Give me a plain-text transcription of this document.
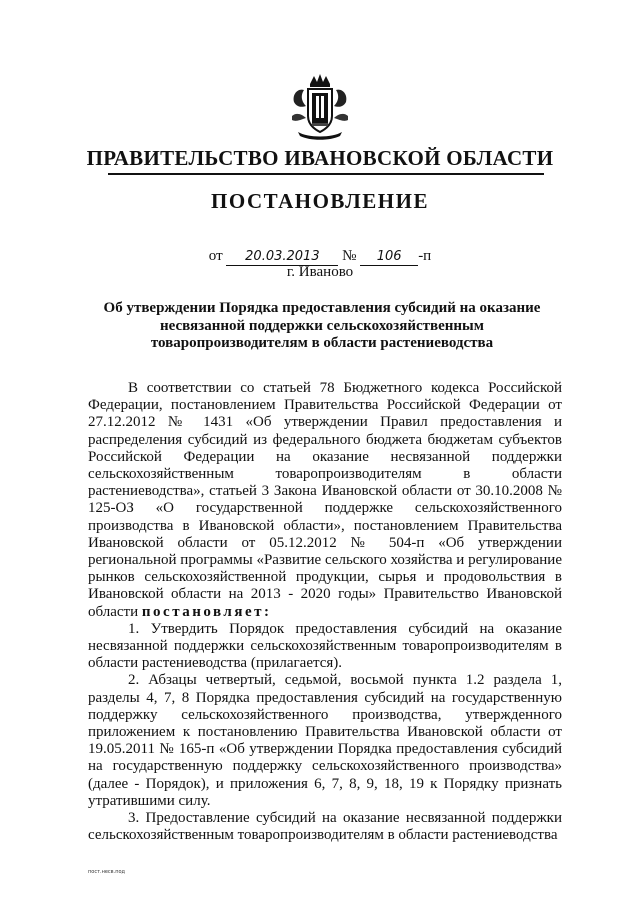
ПРАВИТЕЛЬСТВО ИВАНОВСКОЙ ОБЛАСТИ
ПОСТАНОВЛЕНИЕ
от 20.03.2013 № 106 -п
г. Иваново
Об утверждении Порядка предоставления субсидий на оказание несвязанной поддержки сельскохозяйственным товаропроизводителям в области растениеводства

В соответствии со статьей 78 Бюджетного кодекса Российской Федерации, постановлением Правительства Российской Федерации от 27.12.2012 № 1431 «Об утверждении Правил предоставления и распределения субсидий из федерального бюджета бюджетам субъектов Российской Федерации на оказание несвязанной поддержки сельскохозяйственным товаропроизводителям в области растениеводства», статьей 3 Закона Ивановской области от 30.10.2008 № 125-ОЗ «О государственной поддержке сельскохозяйственного производства в Ивановской области», постановлением Правительства Ивановской области от 05.12.2012 № 504-п «Об утверждении региональной программы «Развитие сельского хозяйства и регулирование рынков сельскохозяйственной продукции, сырья и продовольствия в Ивановской области на 2013 - 2020 годы» Правительство Ивановской области постановляет:

1. Утвердить Порядок предоставления субсидий на оказание несвязанной поддержки сельскохозяйственным товаропроизводителям в области растениеводства (прилагается).

2. Абзацы четвертый, седьмой, восьмой пункта 1.2 раздела 1, разделы 4, 7, 8 Порядка предоставления субсидий на государственную поддержку сельскохозяйственного производства, утвержденного приложением к постановлению Правительства Ивановской области от 19.05.2011 № 165-п «Об утверждении Порядка предоставления субсидий на государственную поддержку сельскохозяйственного производства» (далее - Порядок), и приложения 6, 7, 8, 9, 18, 19 к Порядку признать утратившими силу.

3. Предоставление субсидий на оказание несвязанной поддержки сельскохозяйственным товаропроизводителям в области растениеводства

пост.несв.под
